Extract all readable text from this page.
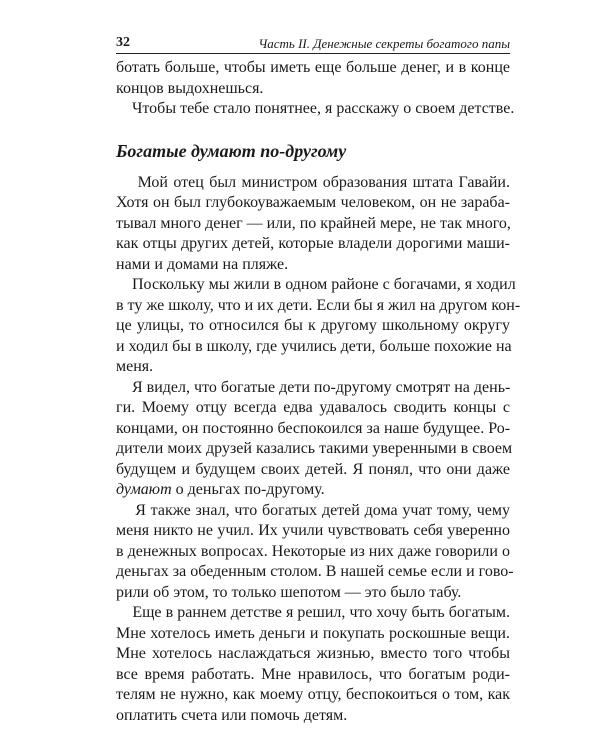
32	Часть II. Денежные секреты богатого папы
ботать больше, чтобы иметь еще больше денег, и в конце
концов выдохнешься.
Чтобы тебе стало понятнее, я расскажу о своем детстве.
Богатые думают по-другому
Мой отец был министром образования штата Гавайи.
Хотя он был глубокоуважаемым человеком, он не зараба-
тывал много денег — или, по крайней мере, не так много,
как отцы других детей, которые владели дорогими маши-
нами и домами на пляже.
Поскольку мы жили в одном районе с богачами, я ходил
в ту же школу, что и их дети. Если бы я жил на другом кон-
це улицы, то относился бы к другому школьному округу
и ходил бы в школу, где учились дети, больше похожие на
меня.
Я видел, что богатые дети по-другому смотрят на день-
ги. Моему отцу всегда едва удавалось сводить концы с
концами, он постоянно беспокоился за наше будущее. Ро-
дители моих друзей казались такими уверенными в своем
будущем и будущем своих детей. Я понял, что они даже
думают о деньгах по-другому.
Я также знал, что богатых детей дома учат тому, чему
меня никто не учил. Их учили чувствовать себя уверенно
в денежных вопросах. Некоторые из них даже говорили о
деньгах за обеденным столом. В нашей семье если и гово-
рили об этом, то только шепотом — это было табу.
Еще в раннем детстве я решил, что хочу быть богатым.
Мне хотелось иметь деньги и покупать роскошные вещи.
Мне хотелось наслаждаться жизнью, вместо того чтобы
все время работать. Мне нравилось, что богатым роди-
телям не нужно, как моему отцу, беспокоиться о том, как
оплатить счета или помочь детям.
